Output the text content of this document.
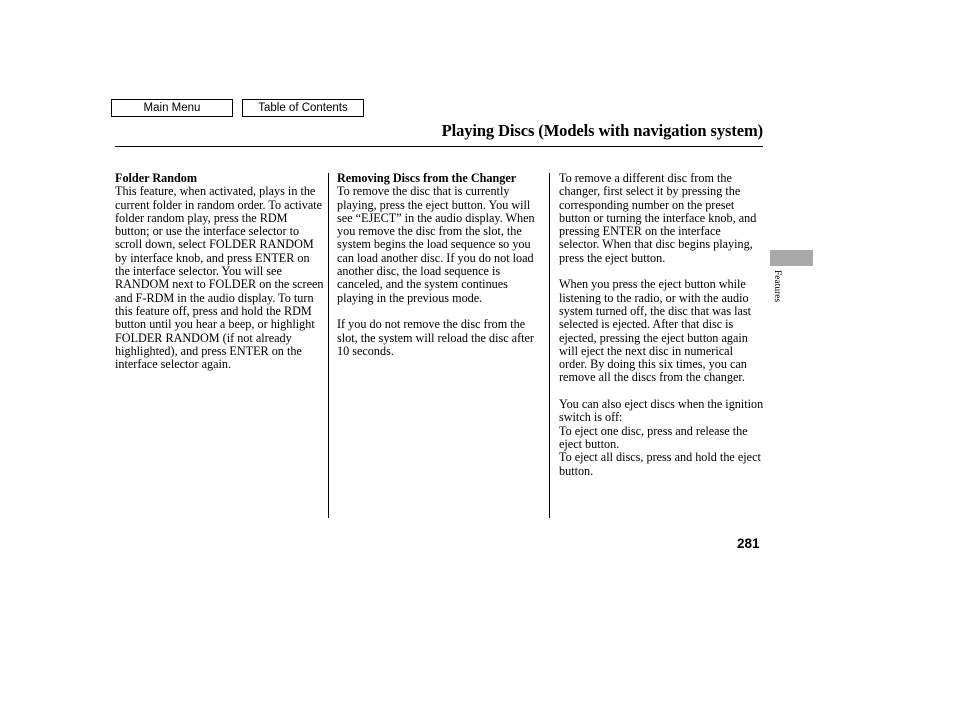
Main Menu	Table of Contents
Playing Discs (Models with navigation system)
Folder Random

This feature, when activated, plays in the current folder in random order. To activate folder random play, press the RDM button; or use the interface selector to scroll down, select FOLDER RANDOM by interface knob, and press ENTER on the interface selector. You will see RANDOM next to FOLDER on the screen and F-RDM in the audio display. To turn this feature off, press and hold the RDM button until you hear a beep, or highlight FOLDER RANDOM (if not already highlighted), and press ENTER on the interface selector again.

Removing Discs from the Changer

To remove the disc that is currently playing, press the eject button. You will see “EJECT” in the audio display. When you remove the disc from the slot, the system begins the load sequence so you can load another disc. If you do not load another disc, the load sequence is canceled, and the system continues playing in the previous mode.

If you do not remove the disc from the slot, the system will reload the disc after 10 seconds.

To remove a different disc from the changer, first select it by pressing the corresponding number on the preset button or turning the interface knob, and pressing ENTER on the interface selector. When that disc begins playing, press the eject button.

When you press the eject button while listening to the radio, or with the audio system turned off, the disc that was last selected is ejected. After that disc is ejected, pressing the eject button again will eject the next disc in numerical order. By doing this six times, you can remove all the discs from the changer.

You can also eject discs when the ignition switch is off:

To eject one disc, press and release the eject button.

To eject all discs, press and hold the eject button.

Features
281
